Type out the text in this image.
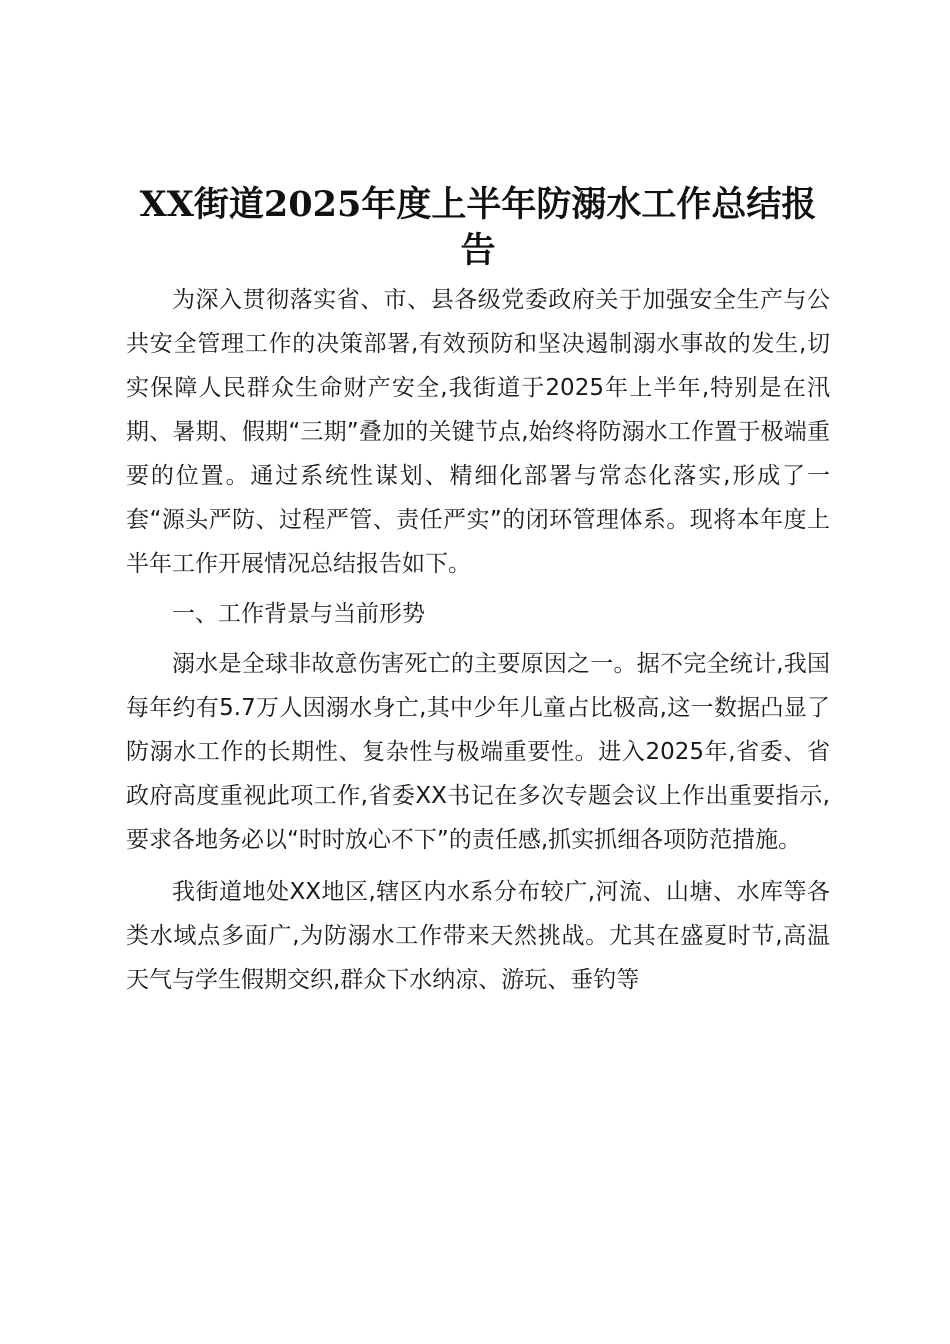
XX街道2025年度上半年防溺水工作总结报告

为深入贯彻落实省、市、县各级党委政府关于加强安全生产与公共安全管理工作的决策部署,有效预防和坚决遏制溺水事故的发生,切实保障人民群众生命财产安全,我街道于2025年上半年,特别是在汛期、暑期、假期“三期”叠加的关键节点,始终将防溺水工作置于极端重要的位置。通过系统性谋划、精细化部署与常态化落实,形成了一套“源头严防、过程严管、责任严实”的闭环管理体系。现将本年度上半年工作开展情况总结报告如下。

一、工作背景与当前形势

溺水是全球非故意伤害死亡的主要原因之一。据不完全统计,我国每年约有5.7万人因溺水身亡,其中少年儿童占比极高,这一数据凸显了防溺水工作的长期性、复杂性与极端重要性。进入2025年,省委、省政府高度重视此项工作,省委XX书记在多次专题会议上作出重要指示,要求各地务必以“时时放心不下”的责任感,抓实抓细各项防范措施。

我街道地处XX地区,辖区内水系分布较广,河流、山塘、水库等各类水域点多面广,为防溺水工作带来天然挑战。尤其在盛夏时节,高温天气与学生假期交织,群众下水纳凉、游玩、垂钓等
